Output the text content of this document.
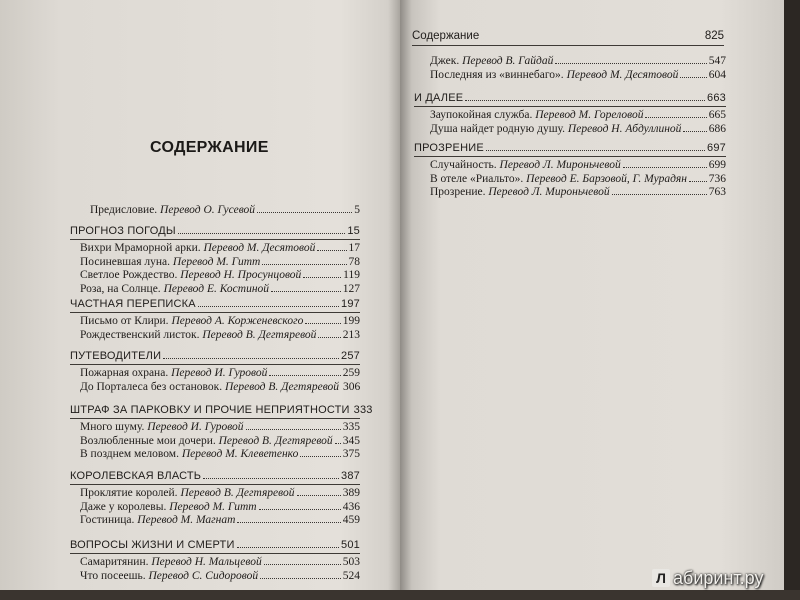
СОДЕРЖАНИЕ
Содержание	825
Предисловие. Перевод О. Гусевой	5
ПРОГНОЗ ПОГОДЫ	15
Вихри Мраморной арки. Перевод М. Десятовой	17
Посиневшая луна. Перевод М. Гитт	78
Светлое Рождество. Перевод Н. Просунцовой	119
Роза, на Солнце. Перевод Е. Костиной	127
ЧАСТНАЯ ПЕРЕПИСКА	197
Письмо от Клири. Перевод А. Корженевского	199
Рождественский листок. Перевод В. Дегтяревой 213
ПУТЕВОДИТЕЛИ	257
Пожарная охрана. Перевод И. Гуровой	259
До Порталеса без остановок. Перевод В. Дегтяревой 306
ШТРАФ ЗА ПАРКОВКУ И ПРОЧИЕ НЕПРИЯТНОСТИ 333
Много шуму. Перевод И. Гуровой	335
Возлюбленные мои дочери. Перевод В. Дегтяревой 345
В позднем меловом. Перевод М. Клеветенко	375
КОРОЛЕВСКАЯ ВЛАСТЬ	387
Проклятие королей. Перевод В. Дегтяревой	389
Даже у королевы. Перевод М. Гитт	436
Гостиница. Перевод М. Магнат	459
ВОПРОСЫ ЖИЗНИ И СМЕРТИ	501
Самаритянин. Перевод Н. Мальцевой	503
Что посеешь. Перевод С. Сидоровой	524
Джек. Перевод В. Гайдай	547
Последняя из «виннебаго». Перевод М. Десятовой	604
И ДАЛЕЕ	663
Заупокойная служба. Перевод М. Гореловой	665
Душа найдет родную душу. Перевод Н. Абдуллиной 686
ПРОЗРЕНИЕ	697
Случайность. Перевод Л. Мироньчевой	699
В отеле «Риальто». Перевод Е. Барзовой, Г. Мурадян 736
Прозрение. Перевод Л. Мироньчевой	763
Л абиринт.ру
